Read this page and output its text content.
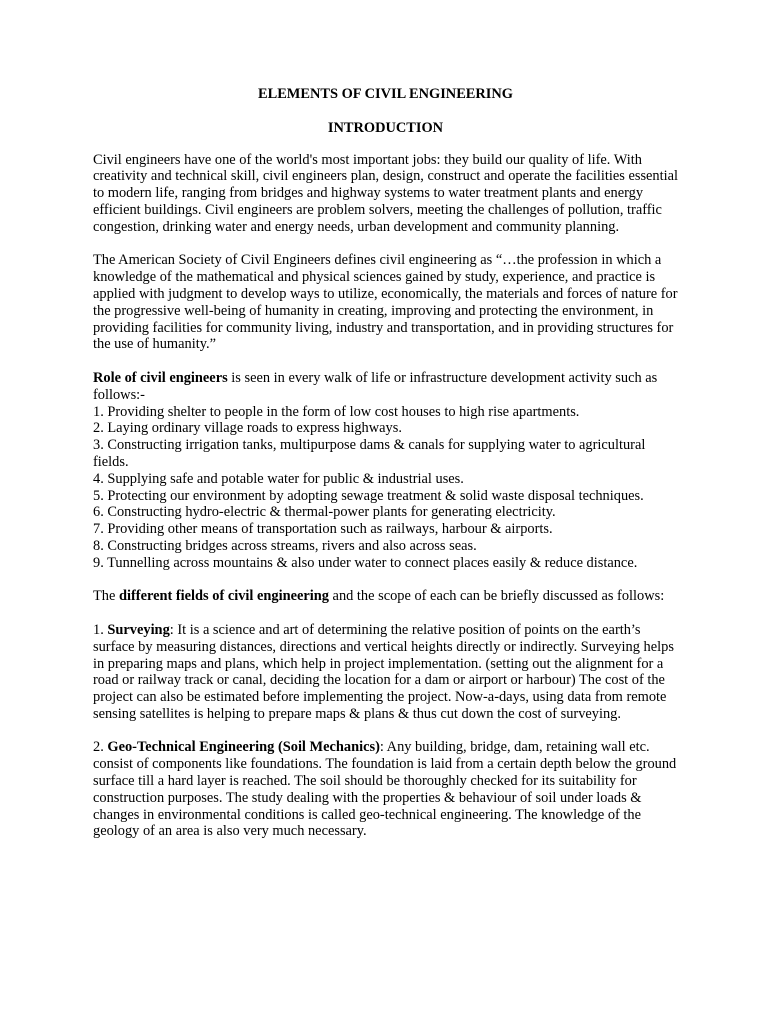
ELEMENTS OF CIVIL ENGINEERING

INTRODUCTION

Civil engineers have one of the world's most important jobs: they build our quality of life. With creativity and technical skill, civil engineers plan, design, construct and operate the facilities essential to modern life, ranging from bridges and highway systems to water treatment plants and energy efficient buildings. Civil engineers are problem solvers, meeting the challenges of pollution, traffic congestion, drinking water and energy needs, urban development and community planning.

The American Society of Civil Engineers defines civil engineering as “…the profession in which a knowledge of the mathematical and physical sciences gained by study, experience, and practice is applied with judgment to develop ways to utilize, economically, the materials and forces of nature for the progressive well-being of humanity in creating, improving and protecting the environment, in providing facilities for community living, industry and transportation, and in providing structures for the use of humanity.”

Role of civil engineers is seen in every walk of life or infrastructure development activity such as follows:-

1. Providing shelter to people in the form of low cost houses to high rise apartments.
2. Laying ordinary village roads to express highways.
3. Constructing irrigation tanks, multipurpose dams & canals for supplying water to agricultural fields.
4. Supplying safe and potable water for public & industrial uses.
5. Protecting our environment by adopting sewage treatment & solid waste disposal techniques.
6. Constructing hydro-electric & thermal-power plants for generating electricity.
7. Providing other means of transportation such as railways, harbour & airports.
8. Constructing bridges across streams, rivers and also across seas.
9. Tunnelling across mountains & also under water to connect places easily & reduce distance.

The different fields of civil engineering and the scope of each can be briefly discussed as follows:

1. Surveying: It is a science and art of determining the relative position of points on the earth’s surface by measuring distances, directions and vertical heights directly or indirectly. Surveying helps in preparing maps and plans, which help in project implementation. (setting out the alignment for a road or railway track or canal, deciding the location for a dam or airport or harbour) The cost of the project can also be estimated before implementing the project. Now-a-days, using data from remote sensing satellites is helping to prepare maps & plans & thus cut down the cost of surveying.

2. Geo-Technical Engineering (Soil Mechanics): Any building, bridge, dam, retaining wall etc. consist of components like foundations. The foundation is laid from a certain depth below the ground surface till a hard layer is reached. The soil should be thoroughly checked for its suitability for construction purposes. The study dealing with the properties & behaviour of soil under loads & changes in environmental conditions is called geo-technical engineering. The knowledge of the geology of an area is also very much necessary.
